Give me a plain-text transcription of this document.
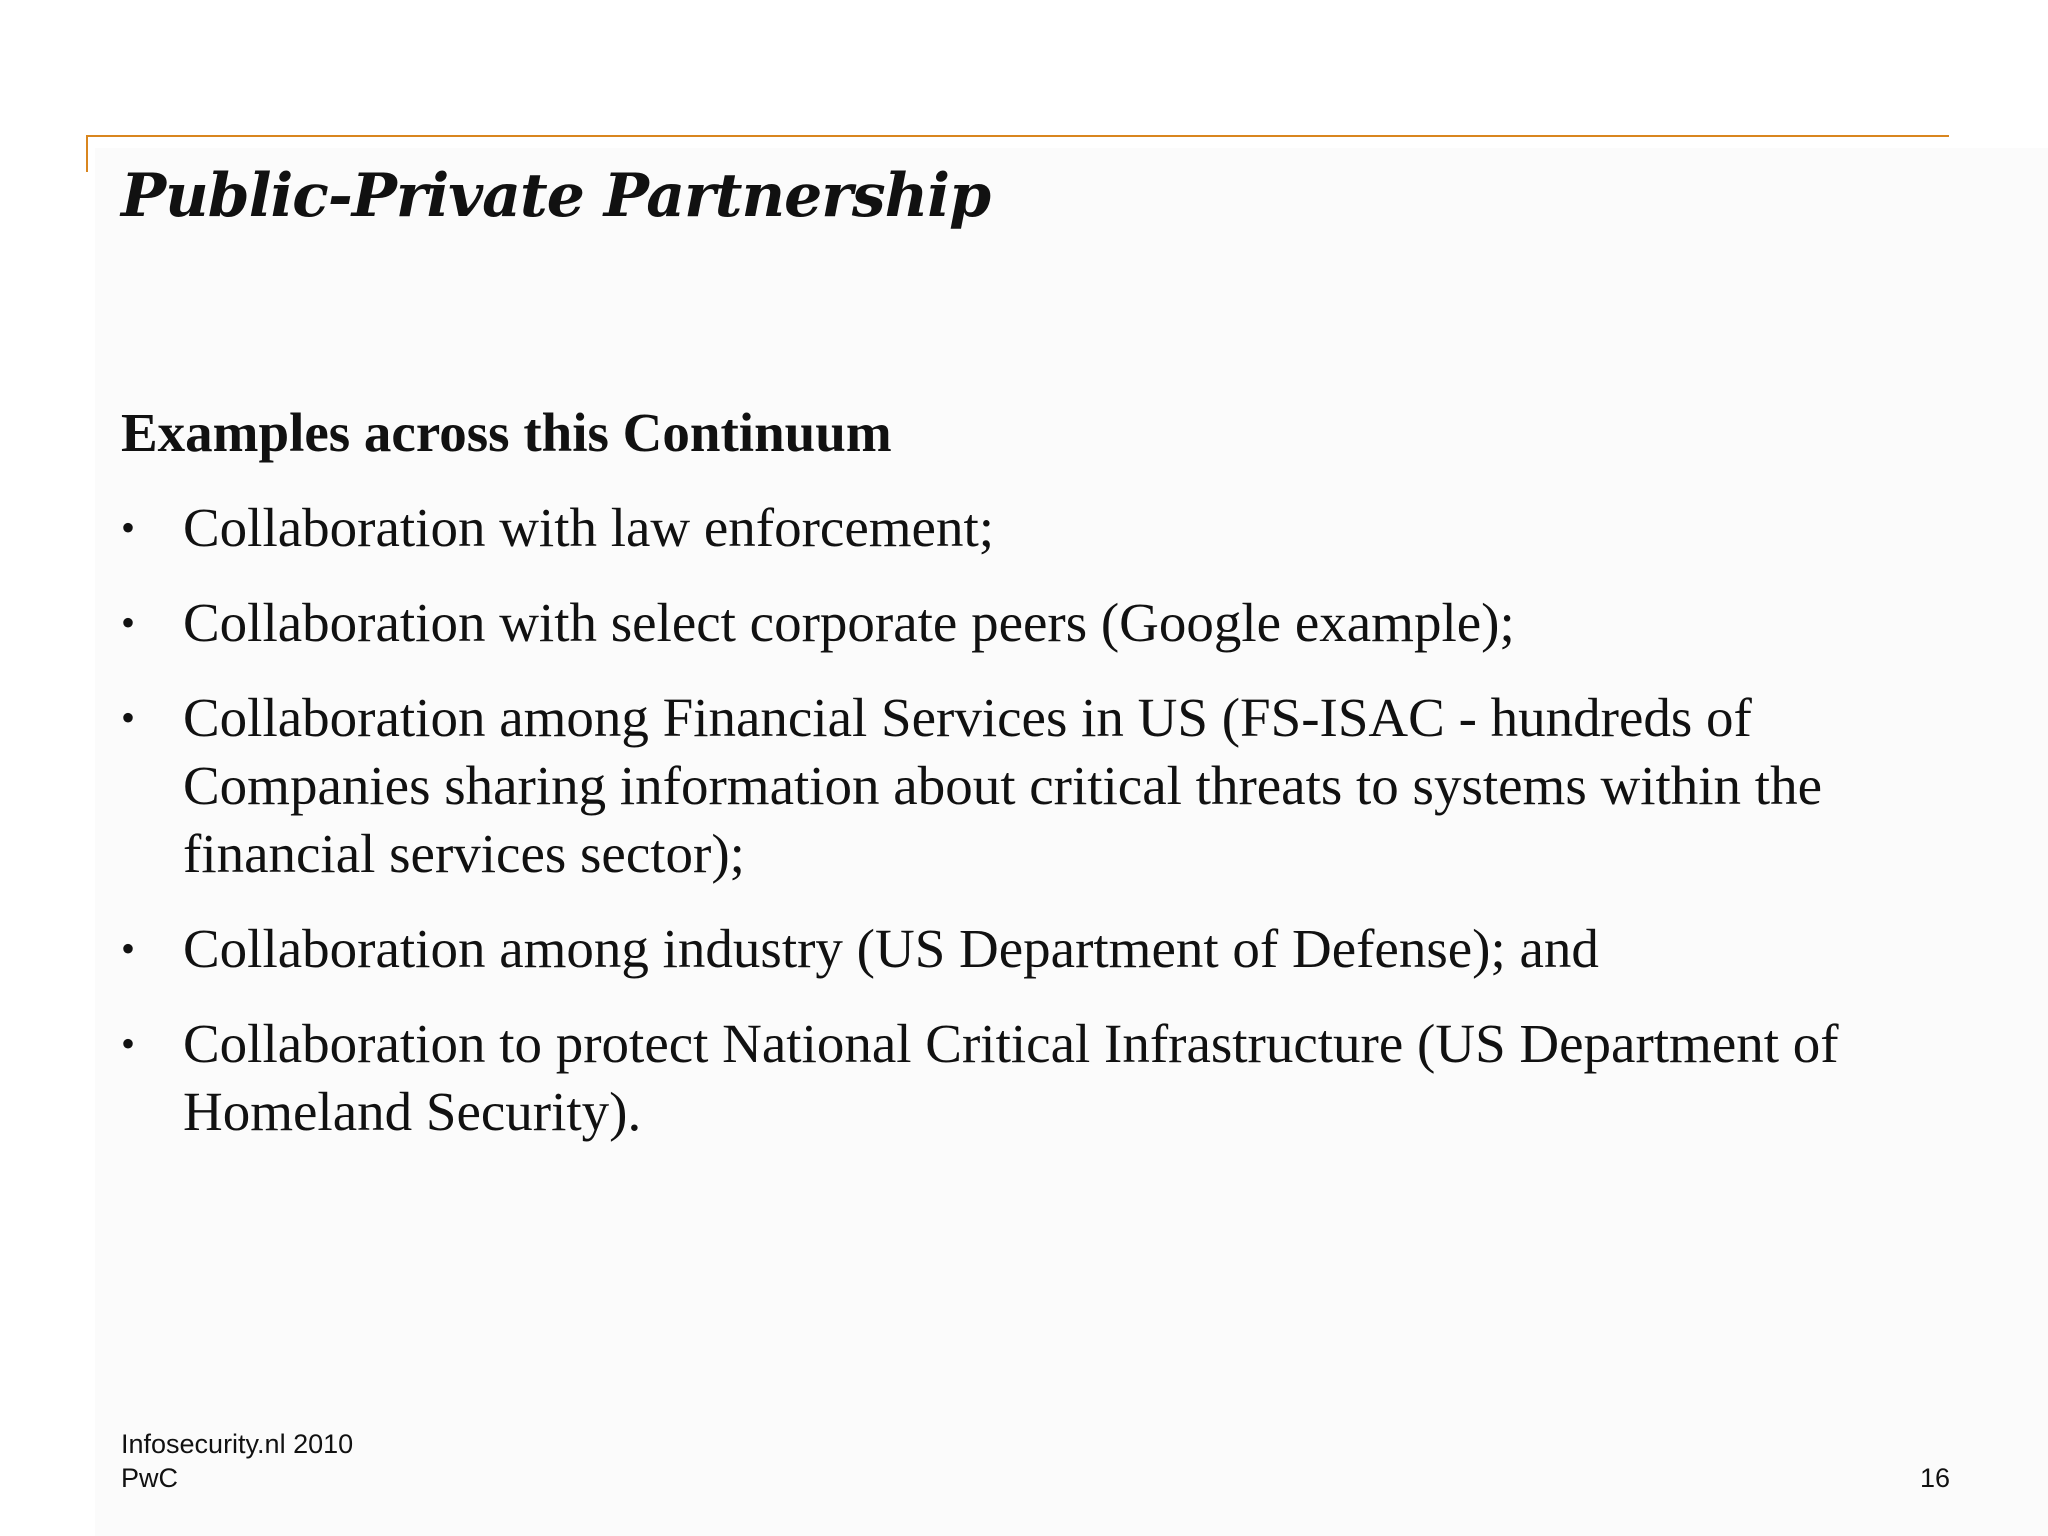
Public-Private Partnership
Examples across this Continuum
• Collaboration with law enforcement;
• Collaboration with select corporate peers (Google example);
• Collaboration among Financial Services in US (FS-ISAC - hundreds of Companies sharing information about critical threats to systems within the financial services sector);
• Collaboration among industry (US Department of Defense); and
• Collaboration to protect National Critical Infrastructure (US Department of Homeland Security).
Infosecurity.nl 2010
PwC	16
